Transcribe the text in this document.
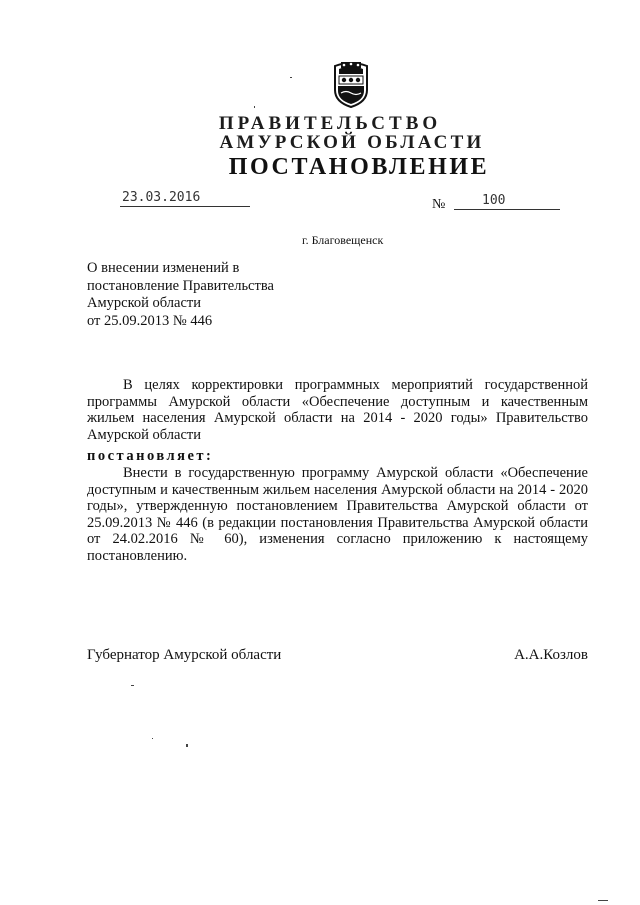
ПРАВИТЕЛЬСТВО
АМУРСКОЙ ОБЛАСТИ
ПОСТАНОВЛЕНИЕ
23.03.2016	№	100
г. Благовещенск
О внесении изменений в
постановление Правительства
Амурской области
от 25.09.2013 № 446
В целях корректировки программных мероприятий государственной программы Амурской области «Обеспечение доступным и качественным жильем населения Амурской области на 2014 - 2020 годы» Правительство Амурской области
постановляет:
Внести в государственную программу Амурской области «Обеспечение доступным и качественным жильем населения Амурской области на 2014 - 2020 годы», утвержденную постановлением Правительства Амурской области от 25.09.2013 № 446 (в редакции постановления Правительства Амурской области от 24.02.2016 № 60), изменения согласно приложению к настоящему постановлению.
Губернатор Амурской области	А.А.Козлов
